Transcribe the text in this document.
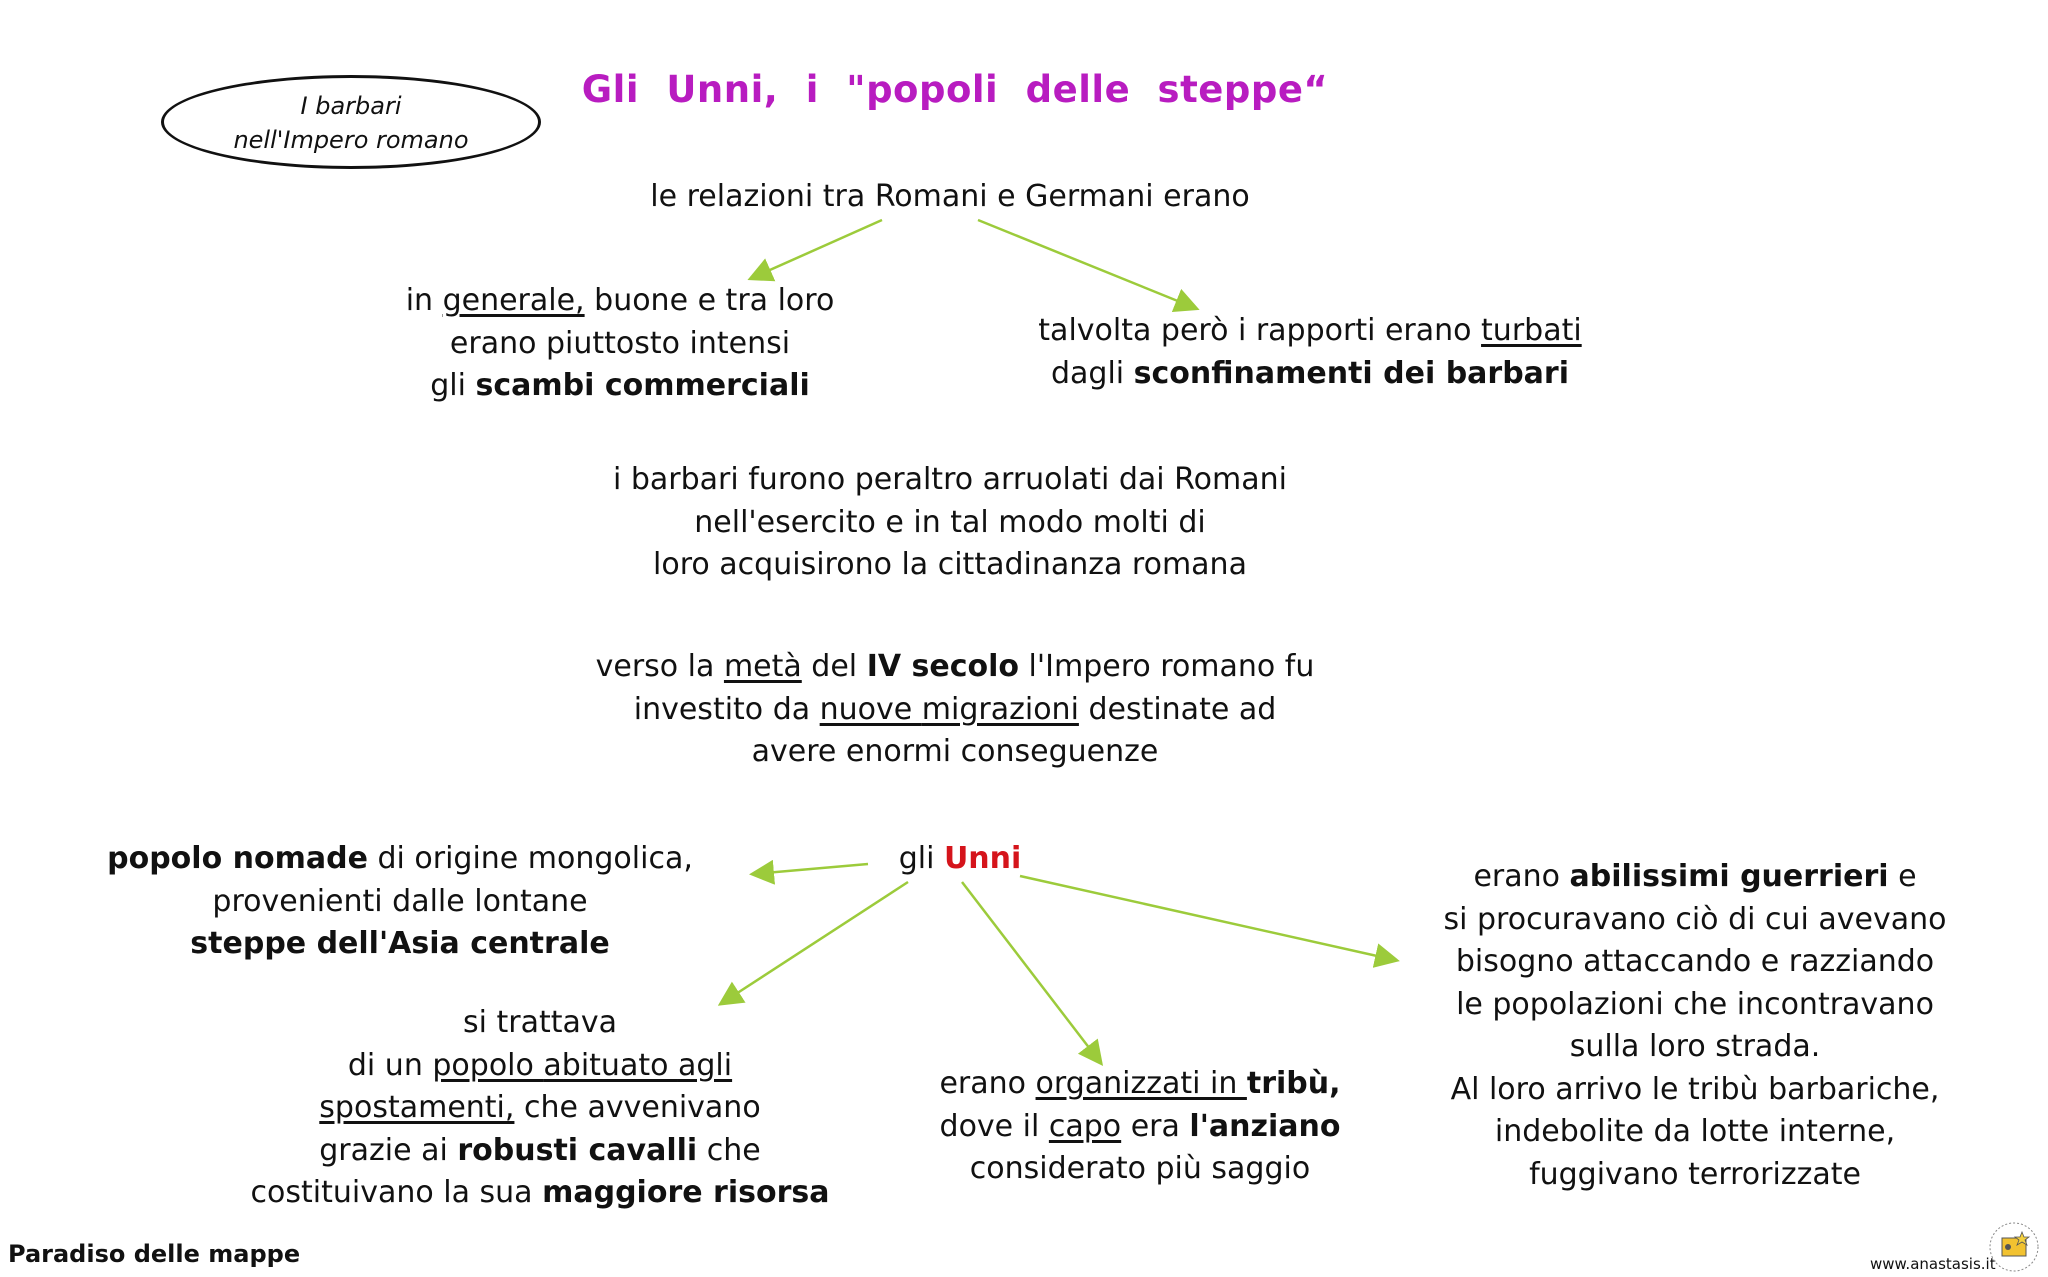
I barbari
nell'Impero romano
Gli Unni, i "popoli delle steppe“
le relazioni tra Romani e Germani erano
in generale, buone e tra loro
erano piuttosto intensi
gli scambi commerciali
talvolta però i rapporti erano turbati
dagli sconfinamenti dei barbari
i barbari furono peraltro arruolati dai Romani
nell'esercito e in tal modo molti di
loro acquisirono la cittadinanza romana
verso la metà del IV secolo l'Impero romano fu
investito da nuove migrazioni destinate ad
avere enormi conseguenze
gli Unni
popolo nomade di origine mongolica,
provenienti dalle lontane
steppe dell'Asia centrale
si trattava
di un popolo abituato agli
spostamenti, che avvenivano
grazie ai robusti cavalli che
costituivano la sua maggiore risorsa
erano organizzati in tribù,
dove il capo era l'anziano
considerato più saggio
erano abilissimi guerrieri e
si procuravano ciò di cui avevano
bisogno attaccando e razziando
le popolazioni che incontravano
sulla loro strada.
Al loro arrivo le tribù barbariche,
indebolite da lotte interne,
fuggivano terrorizzate
Paradiso delle mappe	www.anastasis.it
